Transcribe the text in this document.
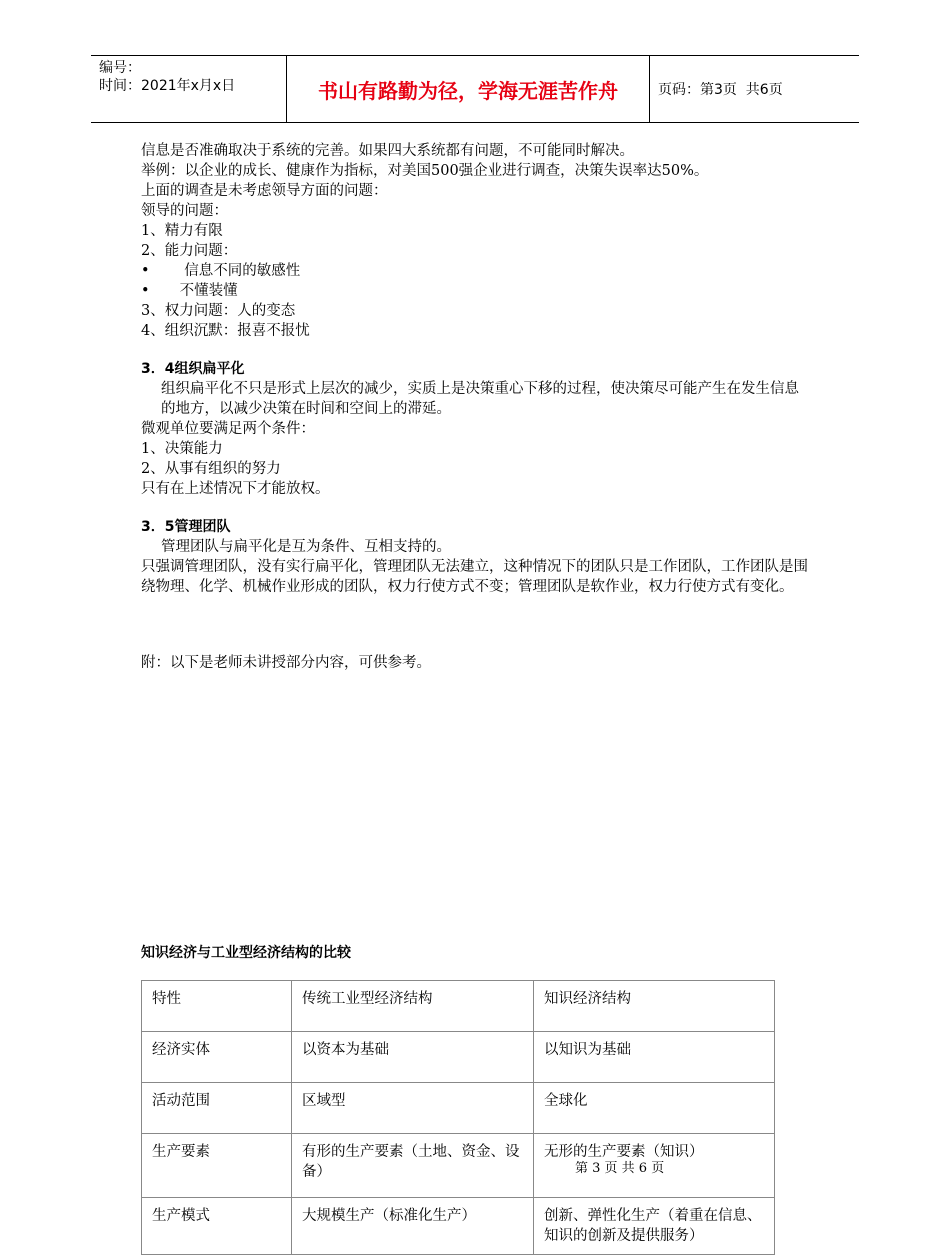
编号：
时间：2021年x月x日	书山有路勤为径，学海无涯苦作舟	页码：第3页  共6页

信息是否准确取决于系统的完善。如果四大系统都有问题，不可能同时解决。

举例：以企业的成长、健康作为指标，对美国500强企业进行调查，决策失误率达50%。

上面的调查是未考虑领导方面的问题：

领导的问题：

1、精力有限

2、能力问题：

•	信息不同的敏感性
•	不懂装懂

3、权力问题：人的变态

4、组织沉默：报喜不报忧

3．4组织扁平化

组织扁平化不只是形式上层次的减少，实质上是决策重心下移的过程，使决策尽可能产生在发生信息的地方，以减少决策在时间和空间上的滞延。

微观单位要满足两个条件：

1、决策能力

2、从事有组织的努力

只有在上述情况下才能放权。

3．5管理团队

管理团队与扁平化是互为条件、互相支持的。

只强调管理团队，没有实行扁平化，管理团队无法建立，这种情况下的团队只是工作团队，工作团队是围绕物理、化学、机械作业形成的团队，权力行使方式不变；管理团队是软作业，权力行使方式有变化。

附：以下是老师未讲授部分内容，可供参考。

知识经济与工业型经济结构的比较
特性	传统工业型经济结构	知识经济结构
经济实体	以资本为基础	以知识为基础
活动范围	区域型	全球化
生产要素	有形的生产要素（土地、资金、设备）	无形的生产要素（知识）
生产模式	大规模生产（标准化生产）	创新、弹性化生产（着重在信息、知识的创新及提供服务）
第 3 页 共 6 页
